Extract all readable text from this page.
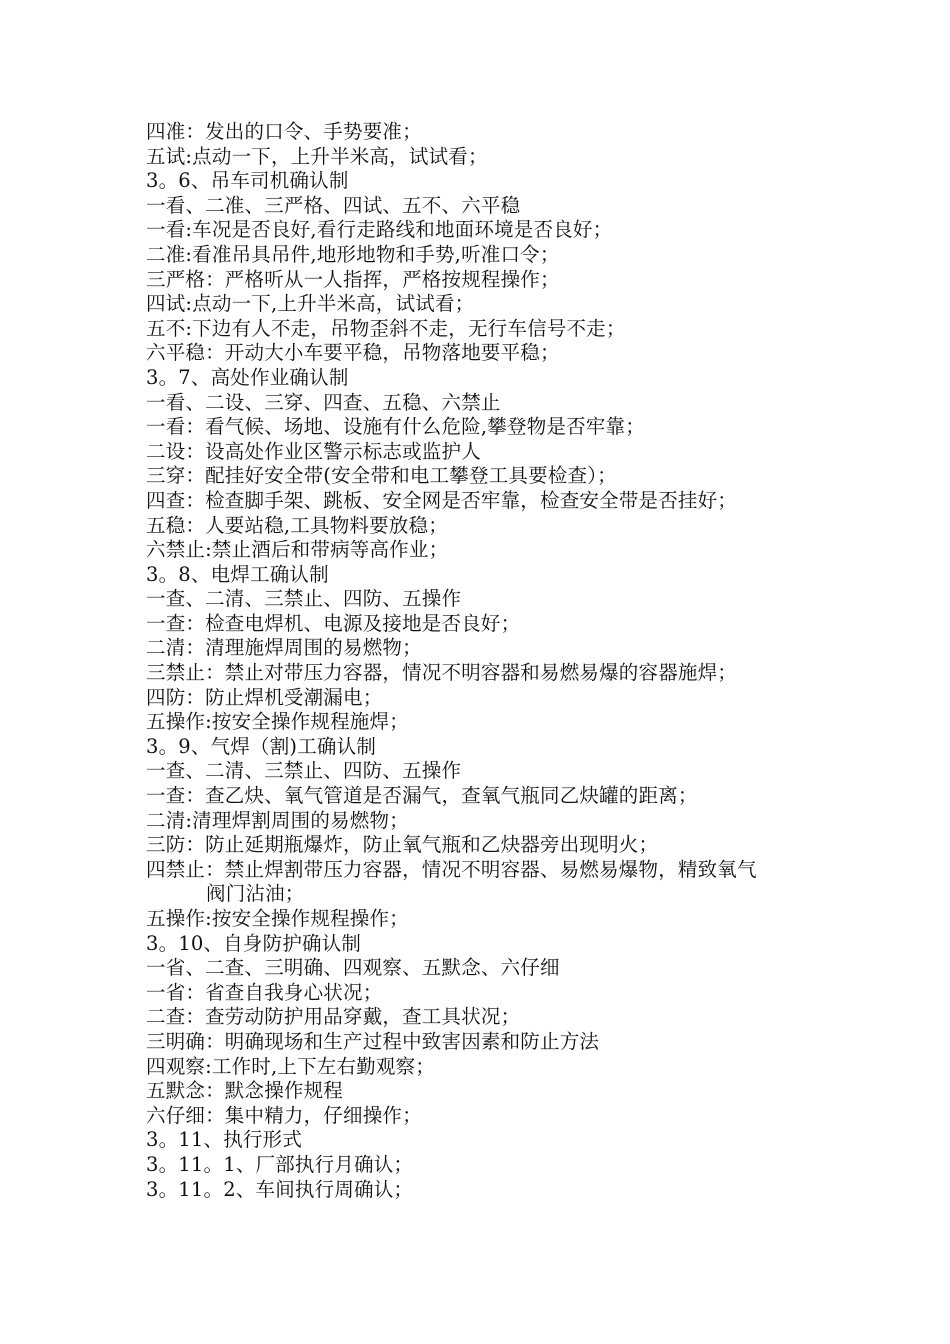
四准：发出的口令、手势要准；
五试:点动一下，上升半米高，试试看；
3。6、吊车司机确认制
一看、二准、三严格、四试、五不、六平稳
一看:车况是否良好,看行走路线和地面环境是否良好；
二准:看准吊具吊件,地形地物和手势,听准口令；
三严格：严格听从一人指挥，严格按规程操作；
四试:点动一下,上升半米高，试试看；
五不:下边有人不走，吊物歪斜不走，无行车信号不走；
六平稳：开动大小车要平稳，吊物落地要平稳；
3。7、高处作业确认制
一看、二设、三穿、四查、五稳、六禁止
一看：看气候、场地、设施有什么危险,攀登物是否牢靠；
二设：设高处作业区警示标志或监护人
三穿：配挂好安全带(安全带和电工攀登工具要检查）；
四查：检查脚手架、跳板、安全网是否牢靠，检查安全带是否挂好；
五稳：人要站稳,工具物料要放稳；
六禁止:禁止酒后和带病等高作业；
3。8、电焊工确认制
一查、二清、三禁止、四防、五操作
一查：检查电焊机、电源及接地是否良好；
二清：清理施焊周围的易燃物；
三禁止：禁止对带压力容器，情况不明容器和易燃易爆的容器施焊；
四防：防止焊机受潮漏电；
五操作:按安全操作规程施焊；
3。9、气焊（割)工确认制
一查、二清、三禁止、四防、五操作
一查：查乙炔、氧气管道是否漏气，查氧气瓶同乙炔罐的距离；
二清:清理焊割周围的易燃物；
三防：防止延期瓶爆炸，防止氧气瓶和乙炔器旁出现明火；
四禁止：禁止焊割带压力容器，情况不明容器、易燃易爆物，精致氧气
阀门沾油；
五操作:按安全操作规程操作；
3。10、自身防护确认制
一省、二查、三明确、四观察、五默念、六仔细
一省：省查自我身心状况；
二查：查劳动防护用品穿戴，查工具状况；
三明确：明确现场和生产过程中致害因素和防止方法
四观察:工作时,上下左右勤观察；
五默念：默念操作规程
六仔细：集中精力，仔细操作；
3。11、执行形式
3。11。1、厂部执行月确认；
3。11。2、车间执行周确认；
